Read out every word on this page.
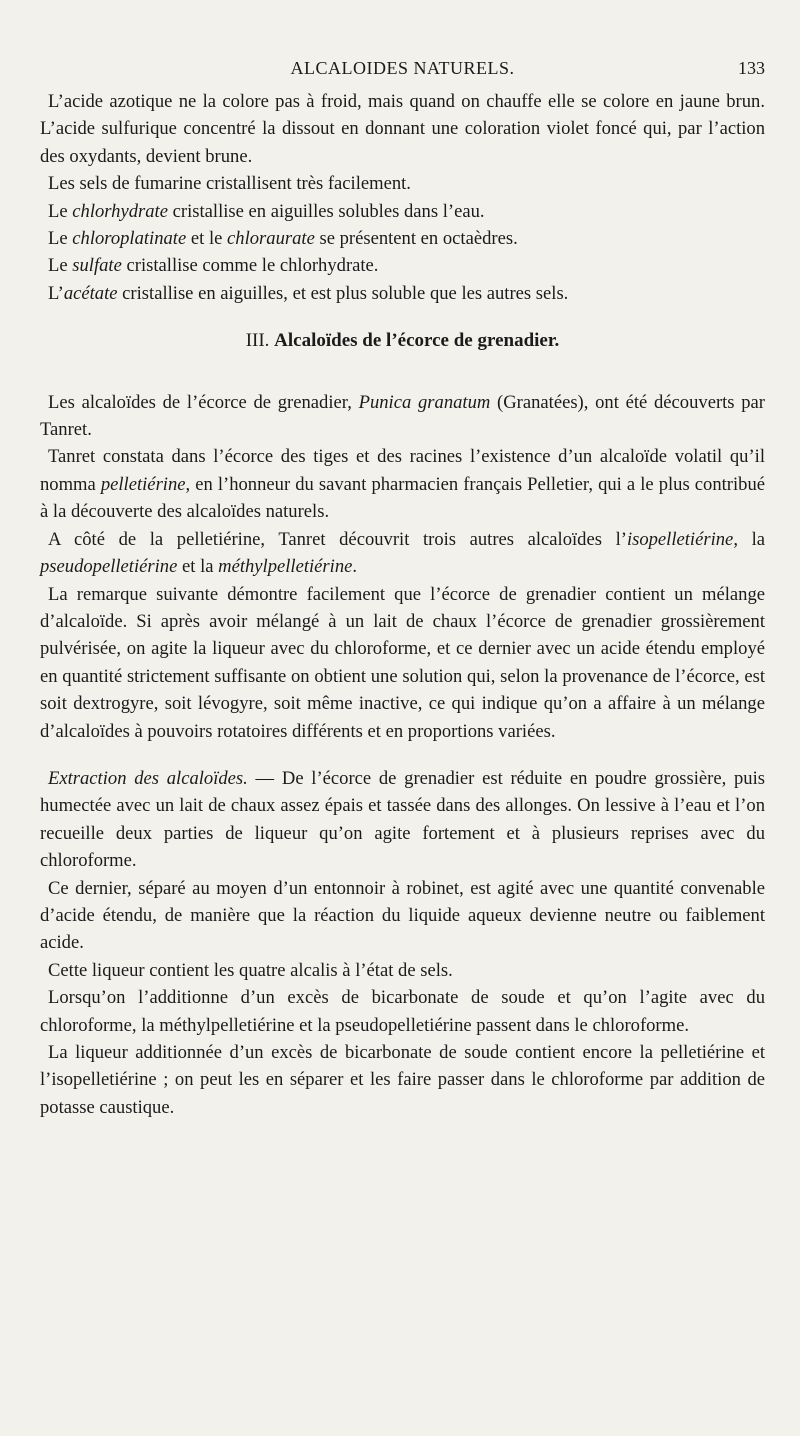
ALCALOIDES NATURELS.	133

L’acide azotique ne la colore pas à froid, mais quand on chauffe elle se colore en jaune brun. L’acide sulfurique concentré la dissout en donnant une coloration violet foncé qui, par l’action des oxydants, devient brune.

Les sels de fumarine cristallisent très facilement.

Le chlorhydrate cristallise en aiguilles solubles dans l’eau.

Le chloroplatinate et le chloraurate se présentent en octaèdres.

Le sulfate cristallise comme le chlorhydrate.

L’acétate cristallise en aiguilles, et est plus soluble que les autres sels.

III. Alcaloïdes de l’écorce de grenadier.

Les alcaloïdes de l’écorce de grenadier, Punica granatum (Granatées), ont été découverts par Tanret.

Tanret constata dans l’écorce des tiges et des racines l’existence d’un alcaloïde volatil qu’il nomma pelletiérine, en l’honneur du savant pharmacien français Pelletier, qui a le plus contribué à la découverte des alcaloïdes naturels.

A côté de la pelletiérine, Tanret découvrit trois autres alcaloïdes l’isopelletiérine, la pseudopelletiérine et la méthylpelletiérine.

La remarque suivante démontre facilement que l’écorce de grenadier contient un mélange d’alcaloïde. Si après avoir mélangé à un lait de chaux l’écorce de grenadier grossièrement pulvérisée, on agite la liqueur avec du chloroforme, et ce dernier avec un acide étendu employé en quantité strictement suffisante on obtient une solution qui, selon la provenance de l’écorce, est soit dextrogyre, soit lévogyre, soit même inactive, ce qui indique qu’on a affaire à un mélange d’alcaloïdes à pouvoirs rotatoires différents et en proportions variées.

Extraction des alcaloïdes. — De l’écorce de grenadier est réduite en poudre grossière, puis humectée avec un lait de chaux assez épais et tassée dans des allonges. On lessive à l’eau et l’on recueille deux parties de liqueur qu’on agite fortement et à plusieurs reprises avec du chloroforme.

Ce dernier, séparé au moyen d’un entonnoir à robinet, est agité avec une quantité convenable d’acide étendu, de manière que la réaction du liquide aqueux devienne neutre ou faiblement acide.

Cette liqueur contient les quatre alcalis à l’état de sels.

Lorsqu’on l’additionne d’un excès de bicarbonate de soude et qu’on l’agite avec du chloroforme, la méthylpelletiérine et la pseudopelletiérine passent dans le chloroforme.

La liqueur additionnée d’un excès de bicarbonate de soude contient encore la pelletiérine et l’isopelletiérine ; on peut les en séparer et les faire passer dans le chloroforme par addition de potasse caustique.
